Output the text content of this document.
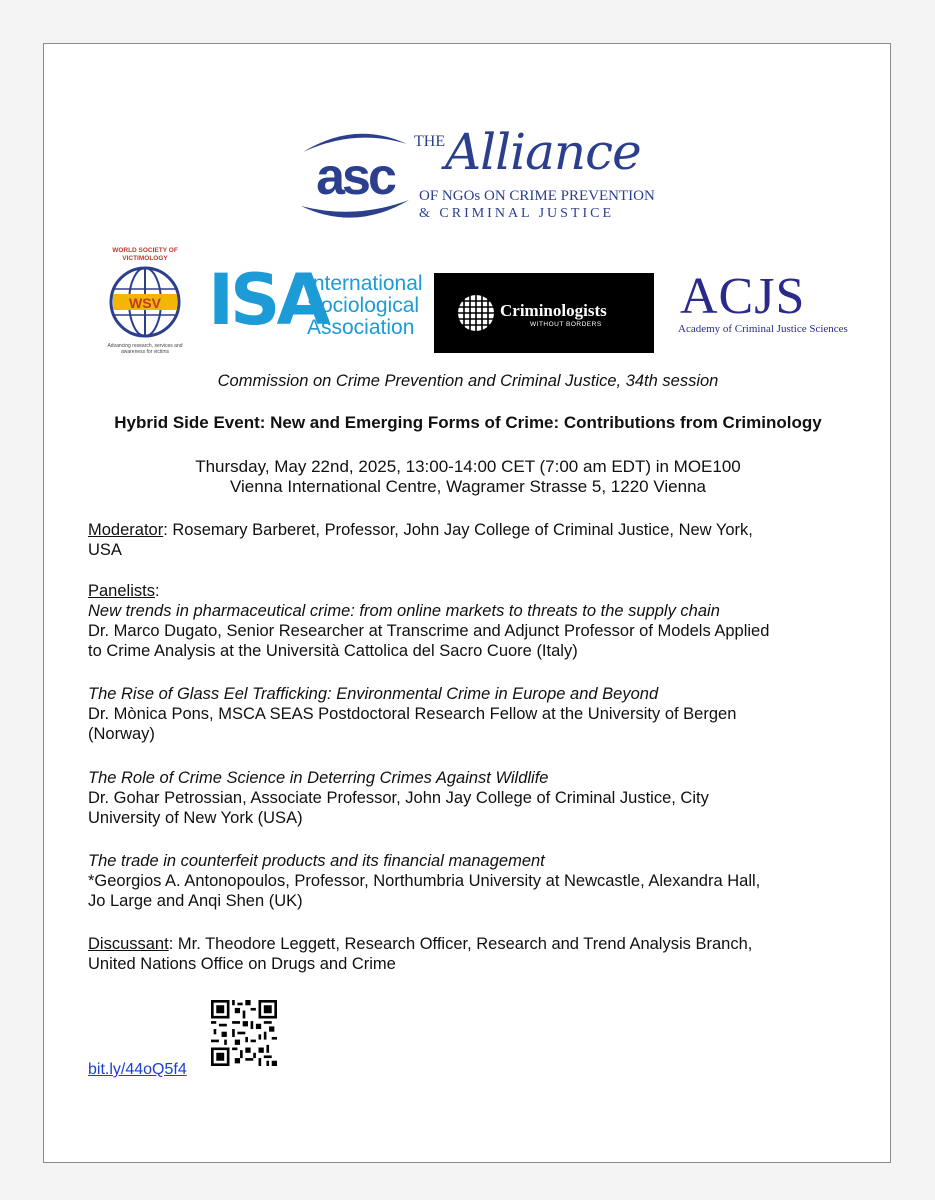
asc
THE Alliance
OF NGOs ON CRIME PREVENTION
& CRIMINAL JUSTICE
WORLD SOCIETY OF
VICTIMOLOGY
WSV
Advancing research, services and
awareness for victims
ISA
International
Sociological
Association
Criminologists
WITHOUT BORDERS ACJS
Academy of Criminal Justice Sciences
Commission on Crime Prevention and Criminal Justice, 34th session
Hybrid Side Event: New and Emerging Forms of Crime: Contributions from Criminology
Thursday, May 22nd, 2025, 13:00-14:00 CET (7:00 am EDT) in MOE100
Vienna International Centre, Wagramer Strasse 5, 1220 Vienna
Moderator: Rosemary Barberet, Professor, John Jay College of Criminal Justice, New York,
USA
Panelists:
New trends in pharmaceutical crime: from online markets to threats to the supply chain
Dr. Marco Dugato, Senior Researcher at Transcrime and Adjunct Professor of Models Applied
to Crime Analysis at the Università Cattolica del Sacro Cuore (Italy)
The Rise of Glass Eel Trafficking: Environmental Crime in Europe and Beyond
Dr. Mònica Pons, MSCA SEAS Postdoctoral Research Fellow at the University of Bergen
(Norway)
The Role of Crime Science in Deterring Crimes Against Wildlife
Dr. Gohar Petrossian, Associate Professor, John Jay College of Criminal Justice, City
University of New York (USA)
The trade in counterfeit products and its financial management
*Georgios A. Antonopoulos, Professor, Northumbria University at Newcastle, Alexandra Hall,
Jo Large and Anqi Shen (UK)
Discussant: Mr. Theodore Leggett, Research Officer, Research and Trend Analysis Branch,
United Nations Office on Drugs and Crime
bit.ly/44oQ5f4
